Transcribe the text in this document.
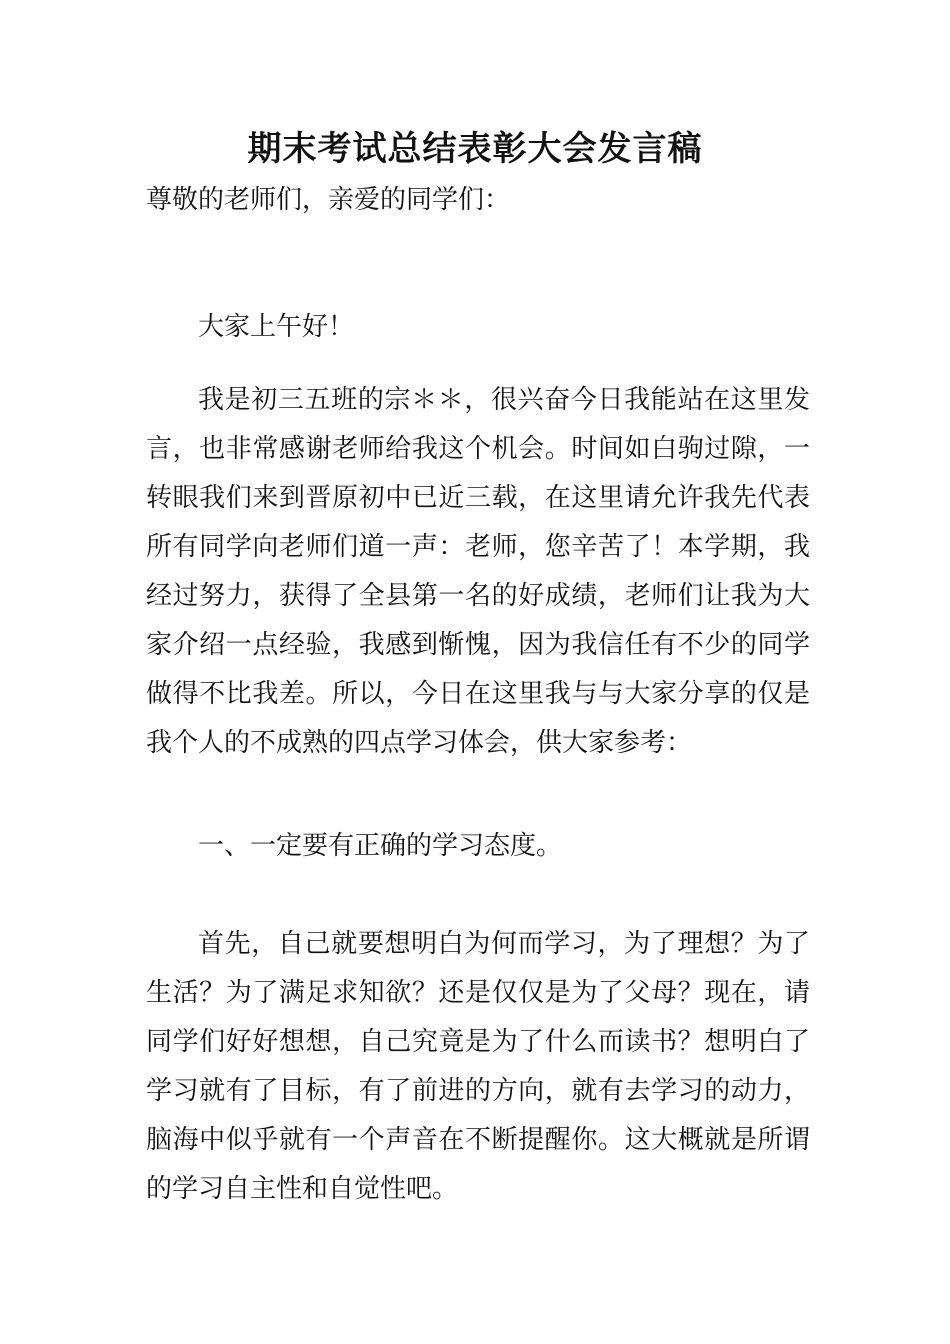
期末考试总结表彰大会发言稿

尊敬的老师们，亲爱的同学们：

大家上午好！

我是初三五班的宗＊＊，很兴奋今日我能站在这里发言，也非常感谢老师给我这个机会。时间如白驹过隙，一转眼我们来到晋原初中已近三载，在这里请允许我先代表所有同学向老师们道一声：老师，您辛苦了！本学期，我经过努力，获得了全县第一名的好成绩，老师们让我为大家介绍一点经验，我感到惭愧，因为我信任有不少的同学做得不比我差。所以，今日在这里我与与大家分享的仅是我个人的不成熟的四点学习体会，供大家参考：

一、一定要有正确的学习态度。

首先，自己就要想明白为何而学习，为了理想？为了生活？为了满足求知欲？还是仅仅是为了父母？现在，请同学们好好想想，自己究竟是为了什么而读书？想明白了学习就有了目标，有了前进的方向，就有去学习的动力，脑海中似乎就有一个声音在不断提醒你。这大概就是所谓的学习自主性和自觉性吧。
